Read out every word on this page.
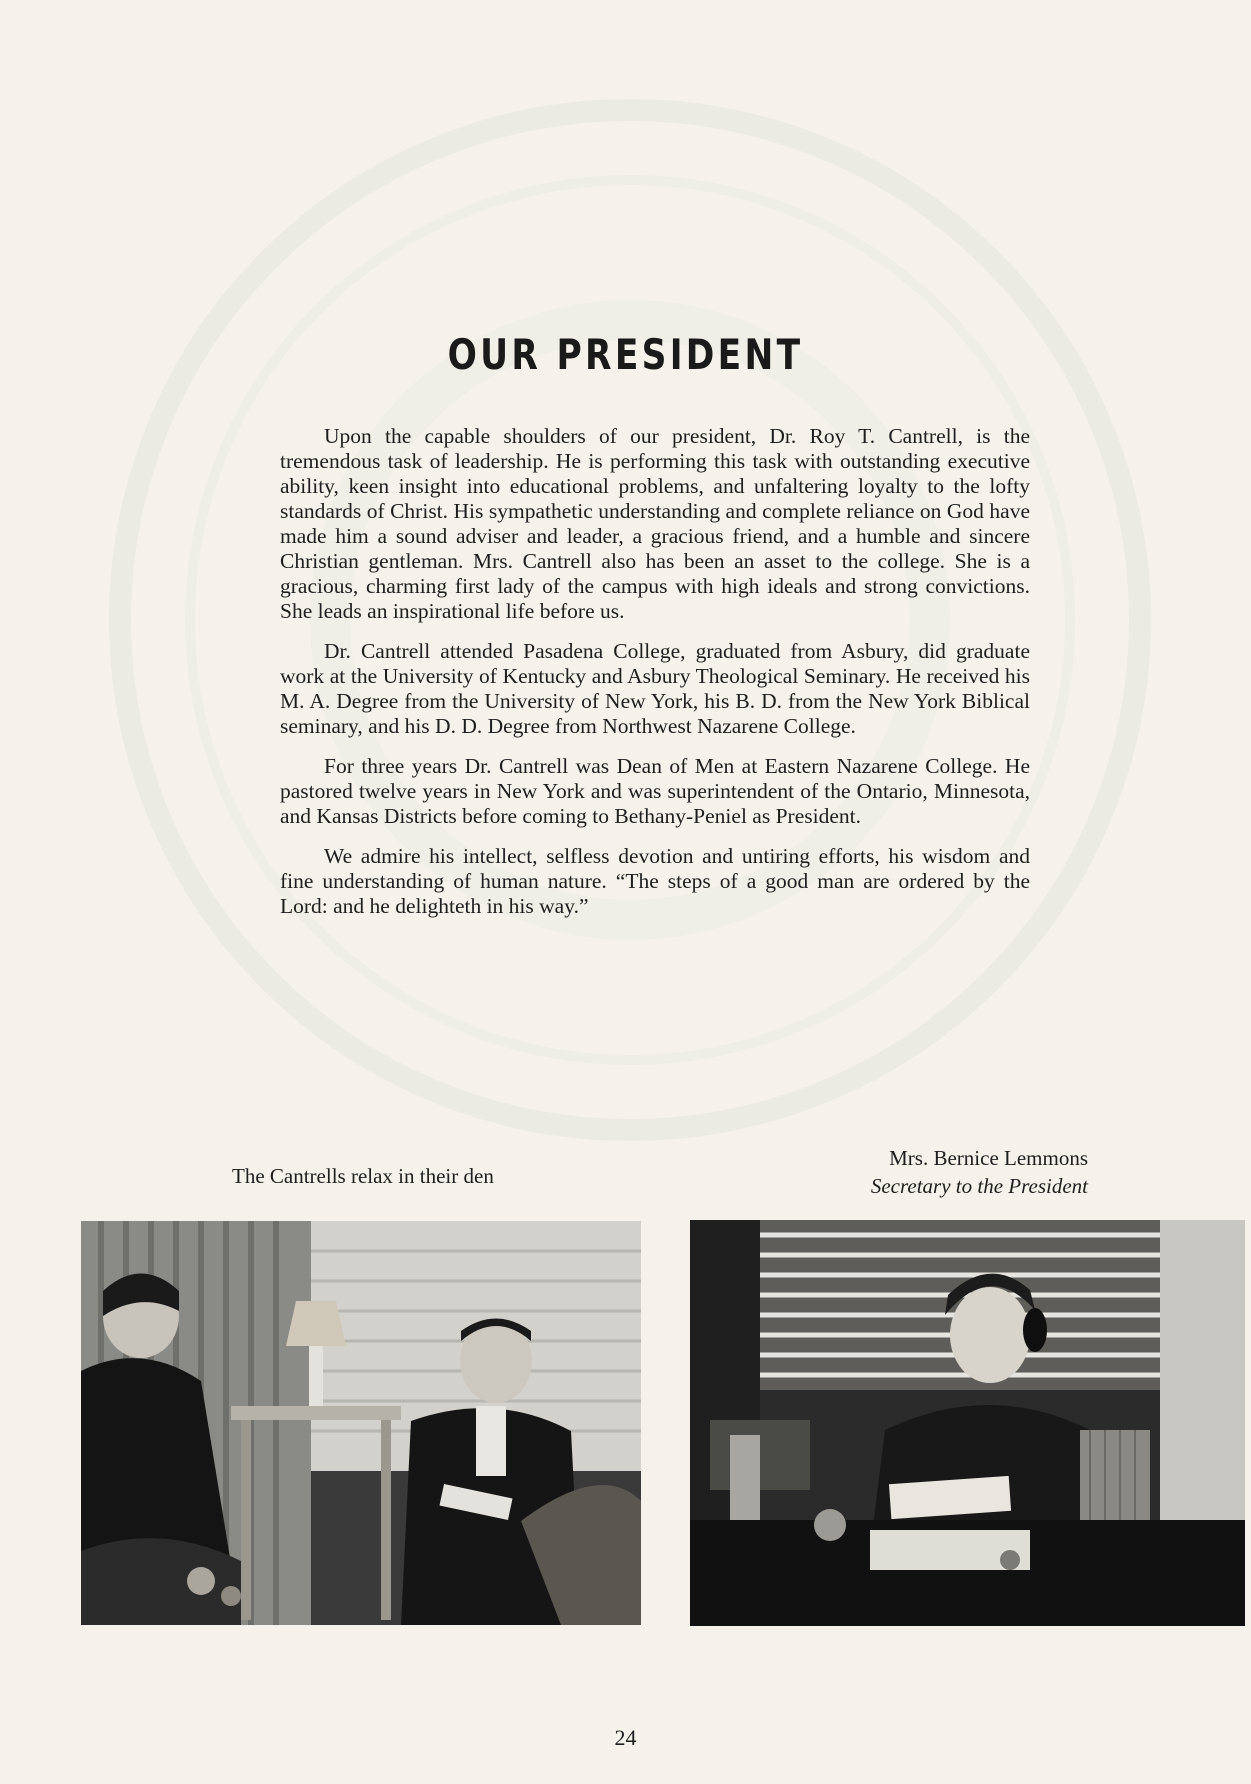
OUR PRESIDENT

Upon the capable shoulders of our president, Dr. Roy T. Cantrell, is the tremendous task of leadership. He is performing this task with outstanding executive ability, keen insight into educational problems, and unfaltering loyalty to the lofty standards of Christ. His sympathetic understanding and complete reliance on God have made him a sound adviser and leader, a gracious friend, and a humble and sincere Christian gentleman. Mrs. Cantrell also has been an asset to the college. She is a gracious, charming first lady of the campus with high ideals and strong convictions. She leads an inspirational life before us.

Dr. Cantrell attended Pasadena College, graduated from Asbury, did graduate work at the University of Kentucky and Asbury Theological Seminary. He received his M. A. Degree from the University of New York, his B. D. from the New York Biblical seminary, and his D. D. Degree from Northwest Nazarene College.

For three years Dr. Cantrell was Dean of Men at Eastern Nazarene College. He pastored twelve years in New York and was superintendent of the Ontario, Minnesota, and Kansas Districts before coming to Bethany-Peniel as President.

We admire his intellect, selfless devotion and untiring efforts, his wisdom and fine understanding of human nature. “The steps of a good man are ordered by the Lord: and he delighteth in his way.”

The Cantrells relax in their den
Mrs. Bernice Lemmons
Secretary to the President
24
